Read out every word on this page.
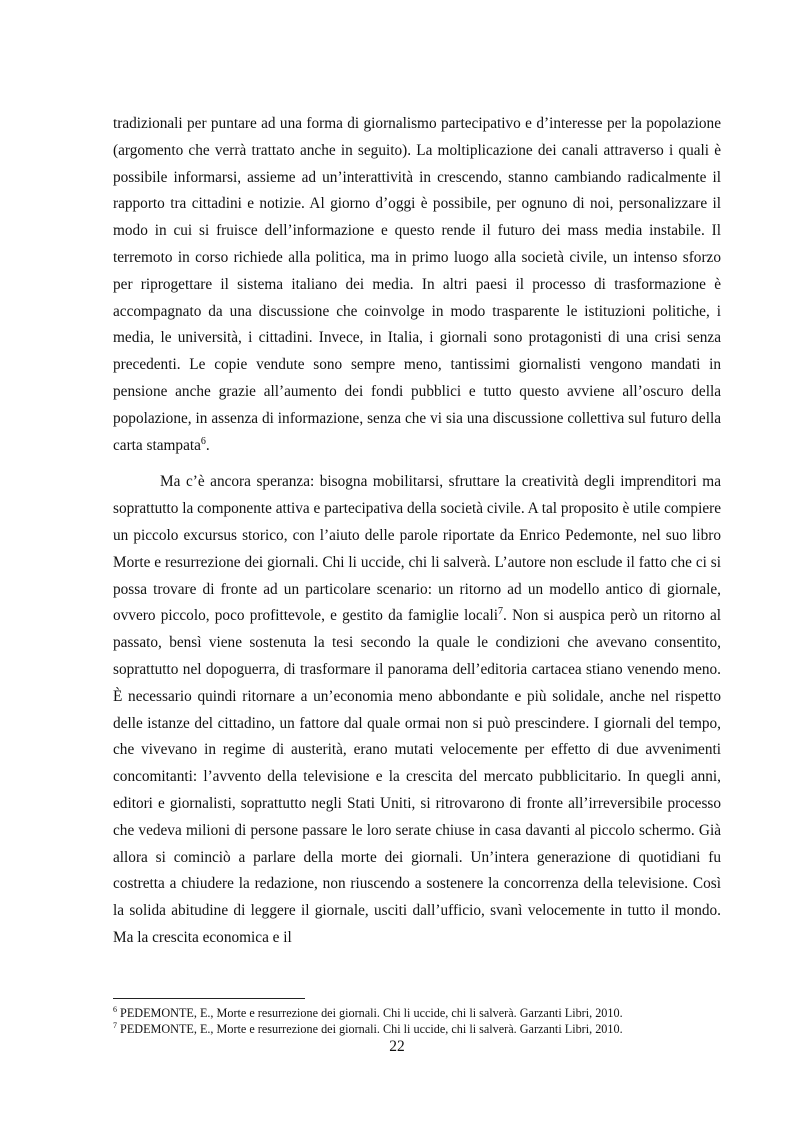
tradizionali per puntare ad una forma di giornalismo partecipativo e d’interesse per la popolazione (argomento che verrà trattato anche in seguito). La moltiplicazione dei canali attraverso i quali è possibile informarsi, assieme ad un’interattività in crescendo, stanno cambiando radicalmente il rapporto tra cittadini e notizie. Al giorno d’oggi è possibile, per ognuno di noi, personalizzare il modo in cui si fruisce dell’informazione e questo rende il futuro dei mass media instabile. Il terremoto in corso richiede alla politica, ma in primo luogo alla società civile, un intenso sforzo per riprogettare il sistema italiano dei media. In altri paesi il processo di trasformazione è accompagnato da una discussione che coinvolge in modo trasparente le istituzioni politiche, i media, le università, i cittadini. Invece, in Italia, i giornali sono protagonisti di una crisi senza precedenti. Le copie vendute sono sempre meno, tantissimi giornalisti vengono mandati in pensione anche grazie all’aumento dei fondi pubblici e tutto questo avviene all’oscuro della popolazione, in assenza di informazione, senza che vi sia una discussione collettiva sul futuro della carta stampata$^6$.

Ma c’è ancora speranza: bisogna mobilitarsi, sfruttare la creatività degli imprenditori ma soprattutto la componente attiva e partecipativa della società civile. A tal proposito è utile compiere un piccolo excursus storico, con l’aiuto delle parole riportate da Enrico Pedemonte, nel suo libro Morte e resurrezione dei giornali. Chi li uccide, chi li salverà. L’autore non esclude il fatto che ci si possa trovare di fronte ad un particolare scenario: un ritorno ad un modello antico di giornale, ovvero piccolo, poco profittevole, e gestito da famiglie locali$^7$. Non si auspica però un ritorno al passato, bensì viene sostenuta la tesi secondo la quale le condizioni che avevano consentito, soprattutto nel dopoguerra, di trasformare il panorama dell’editoria cartacea stiano venendo meno. È necessario quindi ritornare a un’economia meno abbondante e più solidale, anche nel rispetto delle istanze del cittadino, un fattore dal quale ormai non si può prescindere. I giornali del tempo, che vivevano in regime di austerità, erano mutati velocemente per effetto di due avvenimenti concomitanti: l’avvento della televisione e la crescita del mercato pubblicitario. In quegli anni, editori e giornalisti, soprattutto negli Stati Uniti, si ritrovarono di fronte all’irreversibile processo che vedeva milioni di persone passare le loro serate chiuse in casa davanti al piccolo schermo. Già allora si cominciò a parlare della morte dei giornali. Un’intera generazione di quotidiani fu costretta a chiudere la redazione, non riuscendo a sostenere la concorrenza della televisione. Così la solida abitudine di leggere il giornale, usciti dall’ufficio, svanì velocemente in tutto il mondo. Ma la crescita economica e il

$^6$ PEDEMONTE, E., Morte e resurrezione dei giornali. Chi li uccide, chi li salverà. Garzanti Libri, 2010.
$^7$ PEDEMONTE, E., Morte e resurrezione dei giornali. Chi li uccide, chi li salverà. Garzanti Libri, 2010.
22
